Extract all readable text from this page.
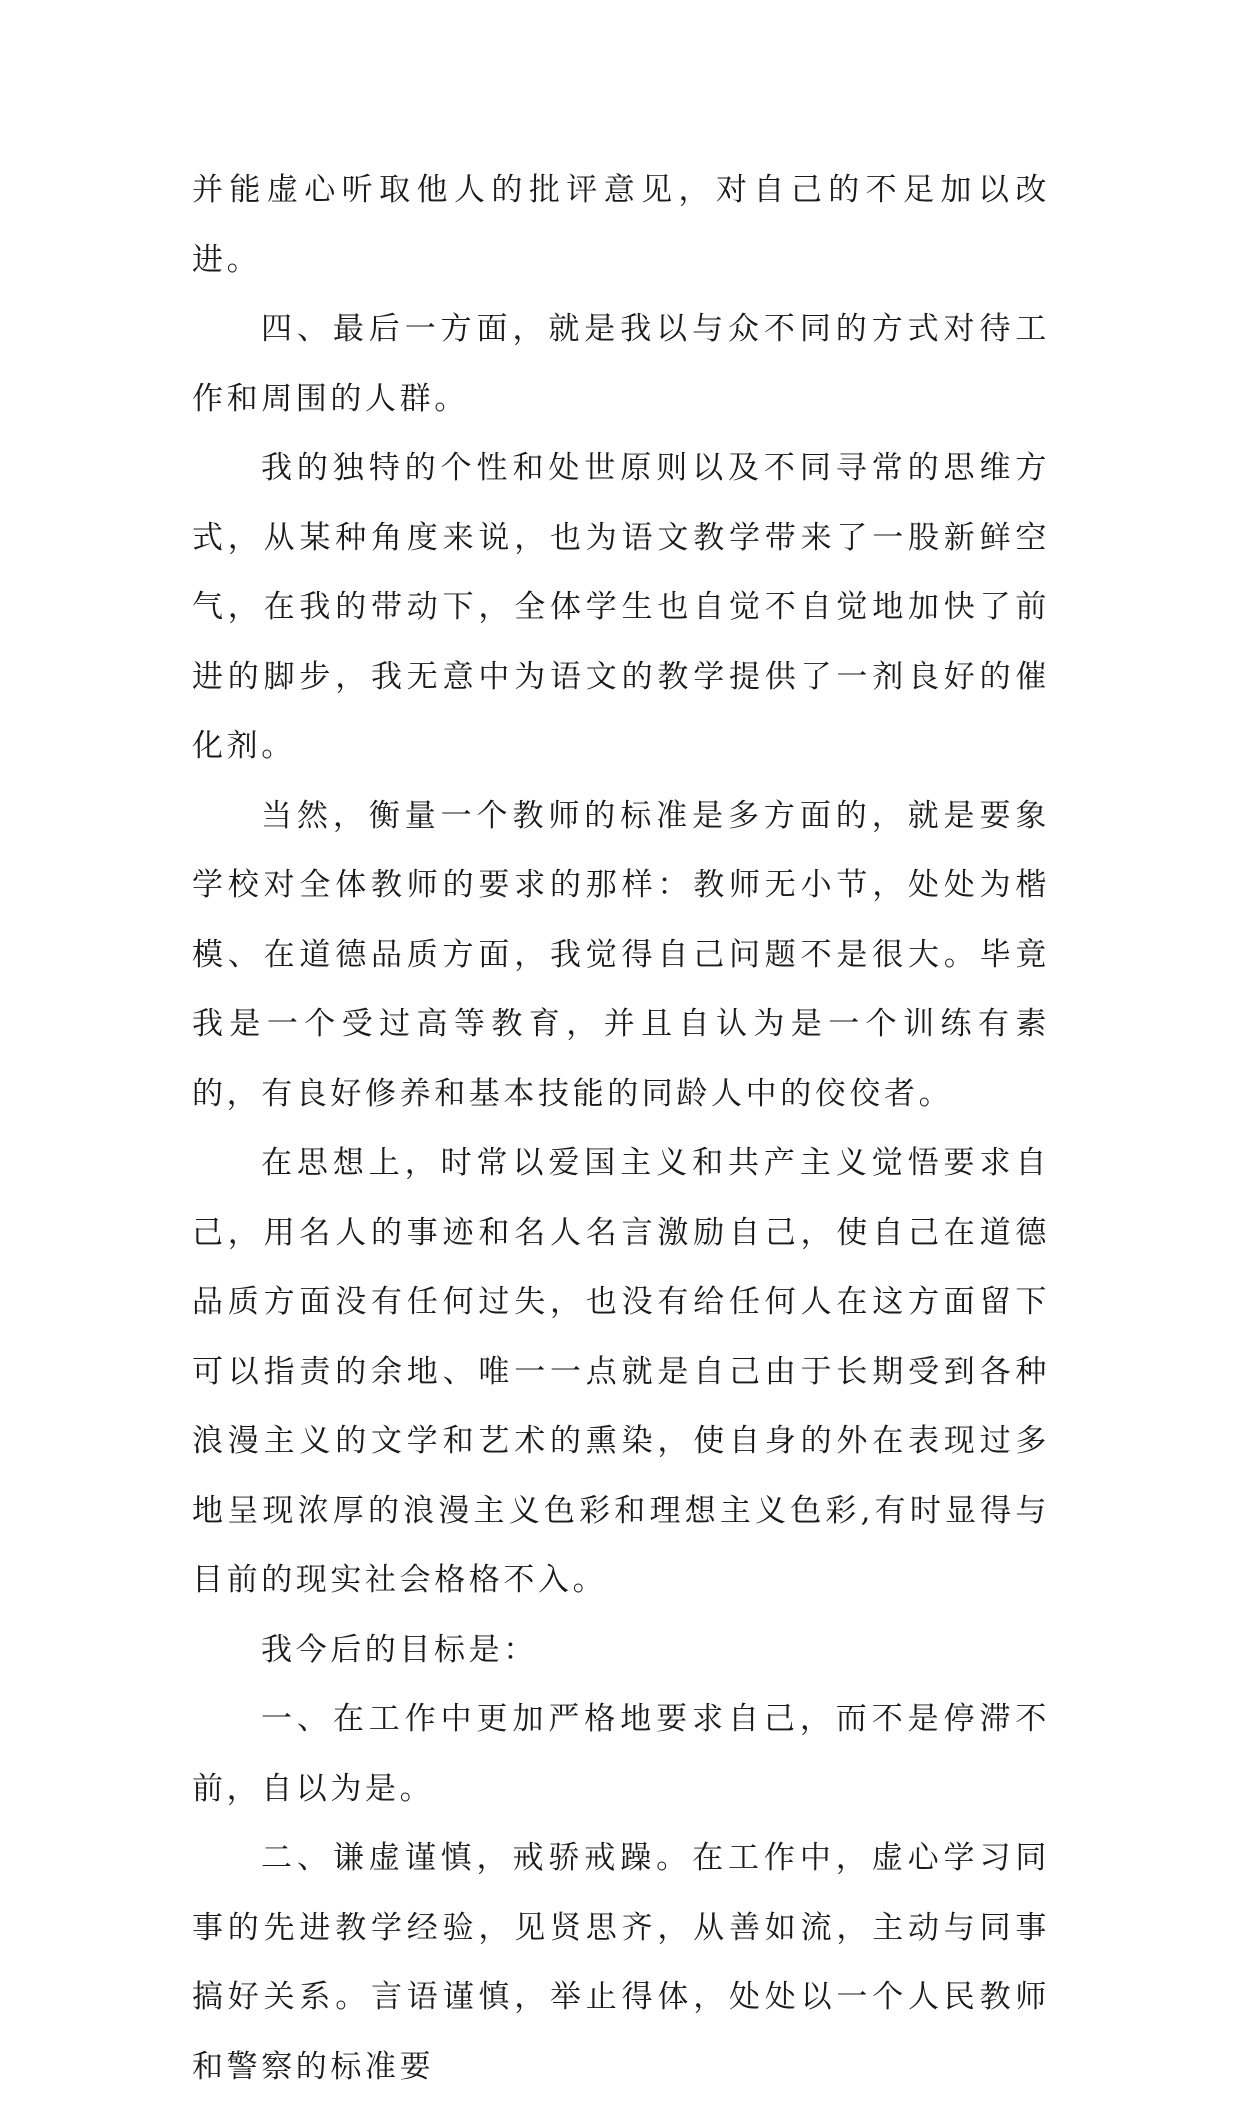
并能虚心听取他人的批评意见，对自己的不足加以改进。

四、最后一方面，就是我以与众不同的方式对待工作和周围的人群。

我的独特的个性和处世原则以及不同寻常的思维方式，从某种角度来说，也为语文教学带来了一股新鲜空气，在我的带动下，全体学生也自觉不自觉地加快了前进的脚步，我无意中为语文的教学提供了一剂良好的催化剂。

当然，衡量一个教师的标准是多方面的，就是要象学校对全体教师的要求的那样：教师无小节，处处为楷模、在道德品质方面，我觉得自己问题不是很大。毕竟我是一个受过高等教育，并且自认为是一个训练有素的，有良好修养和基本技能的同龄人中的佼佼者。

在思想上，时常以爱国主义和共产主义觉悟要求自己，用名人的事迹和名人名言激励自己，使自己在道德品质方面没有任何过失，也没有给任何人在这方面留下可以指责的余地、唯一一点就是自己由于长期受到各种浪漫主义的文学和艺术的熏染，使自身的外在表现过多地呈现浓厚的浪漫主义色彩和理想主义色彩,有时显得与目前的现实社会格格不入。

我今后的目标是：

一、在工作中更加严格地要求自己，而不是停滞不前，自以为是。

二、谦虚谨慎，戒骄戒躁。在工作中，虚心学习同事的先进教学经验，见贤思齐，从善如流，主动与同事搞好关系。言语谨慎，举止得体，处处以一个人民教师和警察的标准要
